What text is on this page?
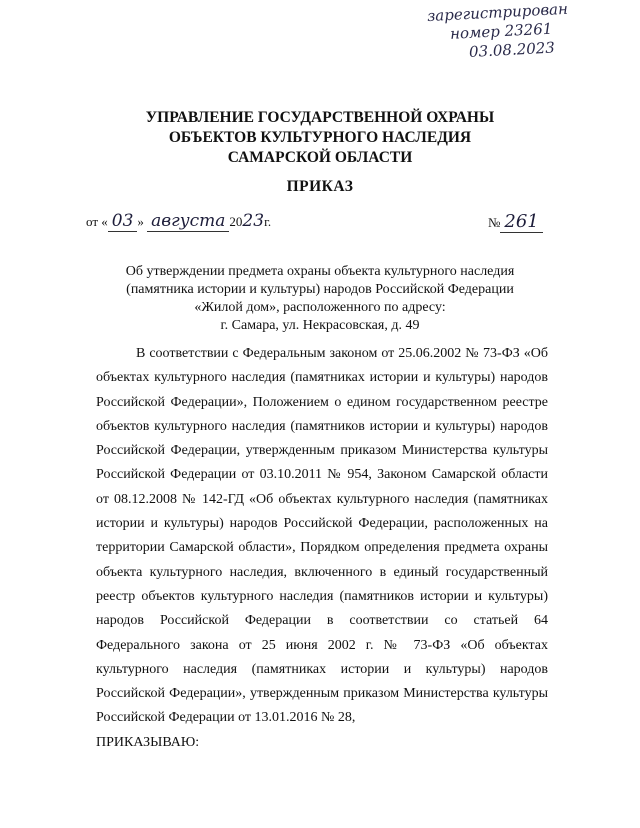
зарегистрирован
номер 23261
03.08.2023
УПРАВЛЕНИЕ ГОСУДАРСТВЕННОЙ ОХРАНЫ
ОБЪЕКТОВ КУЛЬТУРНОГО НАСЛЕДИЯ
САМАРСКОЙ ОБЛАСТИ
ПРИКАЗ
от « 03 » августа 2023г.	№ 261
Об утверждении предмета охраны объекта культурного наследия
(памятника истории и культуры) народов Российской Федерации
«Жилой дом», расположенного по адресу:
г. Самара, ул. Некрасовская, д. 49
В соответствии с Федеральным законом от 25.06.2002 № 73-ФЗ «Об объектах культурного наследия (памятниках истории и культуры) народов Российской Федерации», Положением о едином государственном реестре объектов культурного наследия (памятников истории и культуры) народов Российской Федерации, утвержденным приказом Министерства культуры Российской Федерации от 03.10.2011 № 954, Законом Самарской области от 08.12.2008 № 142-ГД «Об объектах культурного наследия (памятниках истории и культуры) народов Российской Федерации, расположенных на территории Самарской области», Порядком определения предмета охраны объекта культурного наследия, включенного в единый государственный реестр объектов культурного наследия (памятников истории и культуры) народов Российской Федерации в соответствии со статьей 64 Федерального закона от 25 июня 2002 г. № 73-ФЗ «Об объектах культурного наследия (памятниках истории и культуры) народов Российской Федерации», утвержденным приказом Министерства культуры Российской Федерации от 13.01.2016 № 28,
ПРИКАЗЫВАЮ:
